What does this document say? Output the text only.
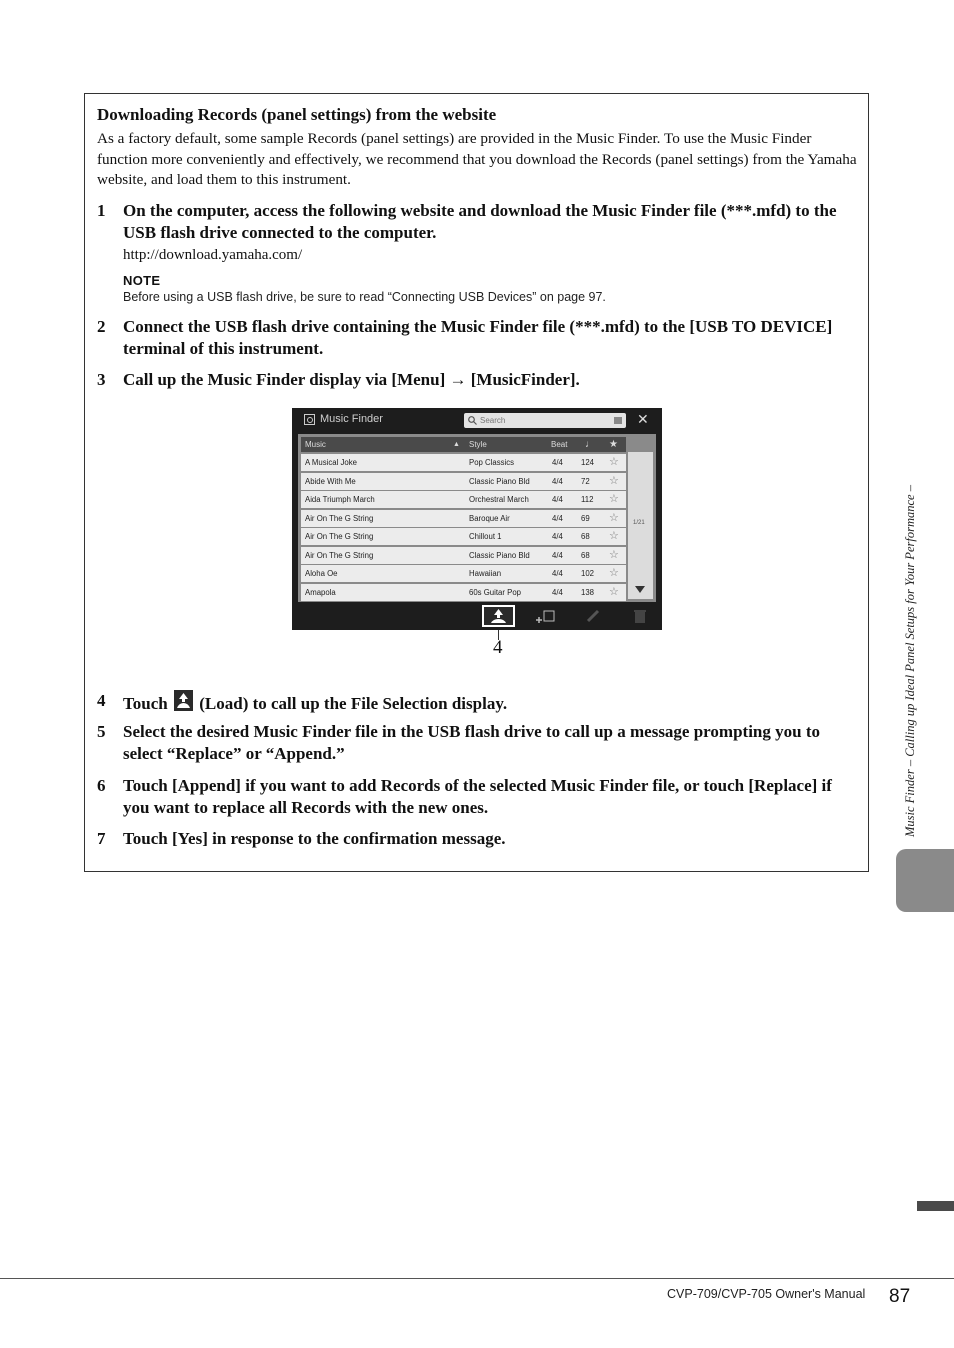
Downloading Records (panel settings) from the website
As a factory default, some sample Records (panel settings) are provided in the Music Finder. To use the Music Finder function more conveniently and effectively, we recommend that you download the Records (panel settings) from the Yamaha website, and load them to this instrument.
1 On the computer, access the following website and download the Music Finder file (***.mfd) to the USB flash drive connected to the computer.
http://download.yamaha.com/
NOTE
Before using a USB flash drive, be sure to read “Connecting USB Devices” on page 97.
2 Connect the USB flash drive containing the Music Finder file (***.mfd) to the [USB TO DEVICE] terminal of this instrument.
3 Call up the Music Finder display via [Menu] → [MusicFinder].
Music Finder	Search	✕
Music	▲ Style	Beat ♩ ★
A Musical Joke	Pop Classics	4/4 124 ☆
Abide With Me	Classic Piano Bld	4/4 72 ☆
Aida Triumph March	Orchestral March	4/4 112 ☆
Air On The G String	Baroque Air	4/4 69 ☆
Air On The G String	Chillout 1	4/4 68 ☆
Air On The G String	Classic Piano Bld	4/4 68 ☆
Aloha Oe	Hawaiian	4/4 102 ☆
Amapola	60s Guitar Pop	4/4 138 ☆
1/21
4
4 Touch (Load) to call up the File Selection display.
5 Select the desired Music Finder file in the USB flash drive to call up a message prompting you to select “Replace” or “Append.”
6 Touch [Append] if you want to add Records of the selected Music Finder file, or touch [Replace] if you want to replace all Records with the new ones.
7 Touch [Yes] in response to the confirmation message.
Music Finder – Calling up Ideal Panel Setups for Your Performance –
CVP-709/CVP-705 Owner's Manual 87
